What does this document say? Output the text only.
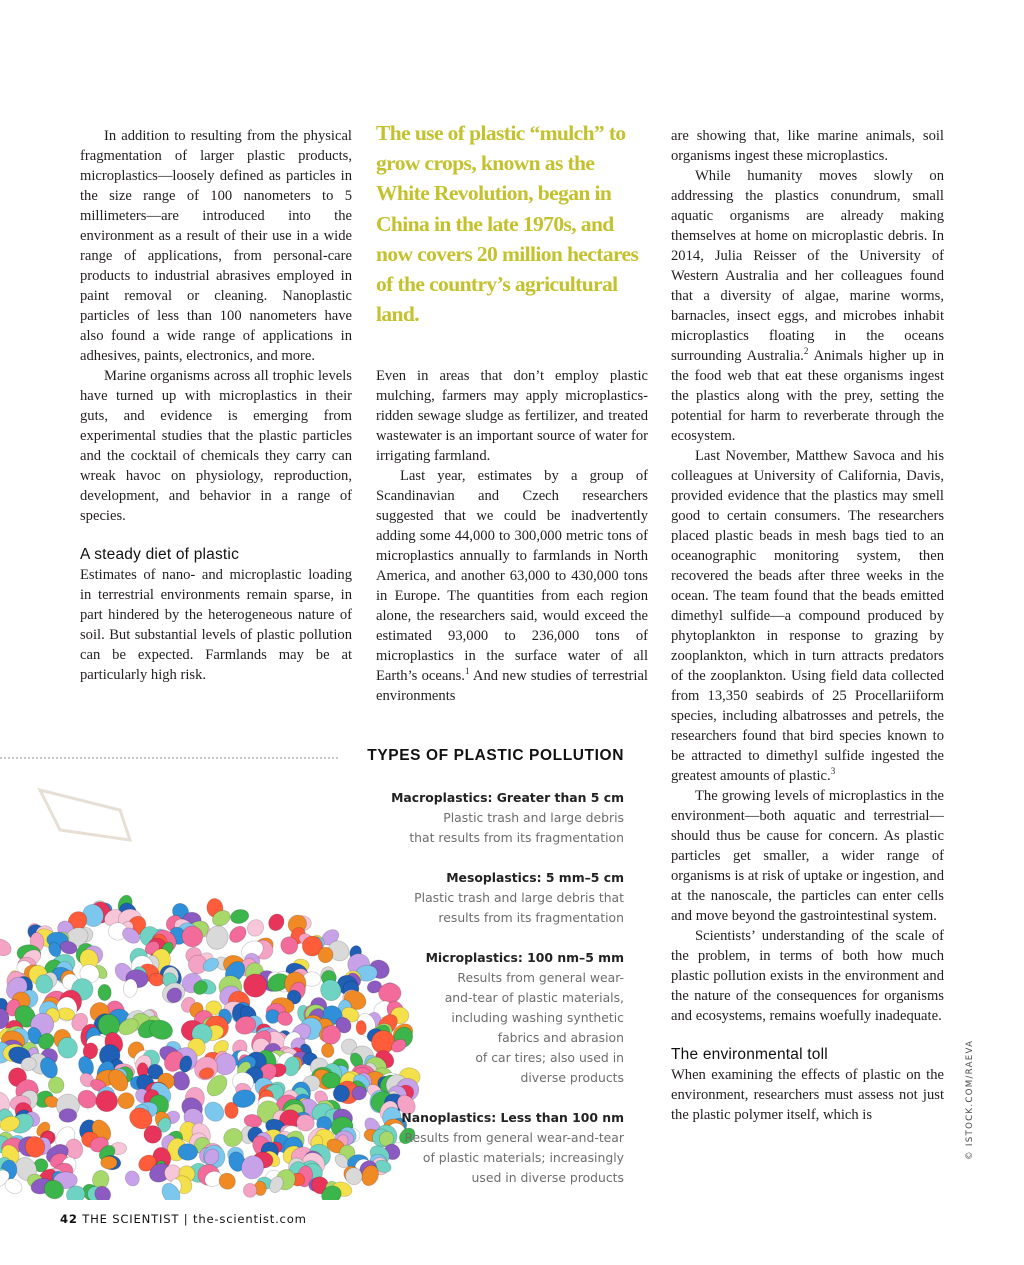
In addition to resulting from the physical fragmentation of larger plastic products, microplastics—loosely defined as particles in the size range of 100 nanometers to 5 millimeters—are introduced into the environment as a result of their use in a wide range of applications, from personal-care products to industrial abrasives employed in paint removal or cleaning. Nanoplastic particles of less than 100 nanometers have also found a wide range of applications in adhesives, paints, electronics, and more.

Marine organisms across all trophic levels have turned up with microplastics in their guts, and evidence is emerging from experimental studies that the plastic particles and the cocktail of chemicals they carry can wreak havoc on physiology, reproduction, development, and behavior in a range of species.

A steady diet of plastic

Estimates of nano- and microplastic loading in terrestrial environments remain sparse, in part hindered by the heterogeneous nature of soil. But substantial levels of plastic pollution can be expected. Farmlands may be at particularly high risk.

The use of plastic “mulch” to grow crops, known as the White Revolution, began in China in the late 1970s, and now covers 20 million hectares of the country’s agricultural land.

Even in areas that don’t employ plastic mulching, farmers may apply microplastics-ridden sewage sludge as fertilizer, and treated wastewater is an important source of water for irrigating farmland.

Last year, estimates by a group of Scandinavian and Czech researchers suggested that we could be inadvertently adding some 44,000 to 300,000 metric tons of microplastics annually to farmlands in North America, and another 63,000 to 430,000 tons in Europe. The quantities from each region alone, the researchers said, would exceed the estimated 93,000 to 236,000 tons of microplastics in the surface water of all Earth’s oceans.$^1$ And new studies of terrestrial environments

are showing that, like marine animals, soil organisms ingest these microplastics.

While humanity moves slowly on addressing the plastics conundrum, small aquatic organisms are already making themselves at home on microplastic debris. In 2014, Julia Reisser of the University of Western Australia and her colleagues found that a diversity of algae, marine worms, barnacles, insect eggs, and microbes inhabit microplastics floating in the oceans surrounding Australia.$^2$ Animals higher up in the food web that eat these organisms ingest the plastics along with the prey, setting the potential for harm to reverberate through the ecosystem.

Last November, Matthew Savoca and his colleagues at University of California, Davis, provided evidence that the plastics may smell good to certain consumers. The researchers placed plastic beads in mesh bags tied to an oceanographic monitoring system, then recovered the beads after three weeks in the ocean. The team found that the beads emitted dimethyl sulfide—a compound produced by phytoplankton in response to grazing by zooplankton, which in turn attracts predators of the zooplankton. Using field data collected from 13,350 seabirds of 25 Procellariiform species, including albatrosses and petrels, the researchers found that bird species known to be attracted to dimethyl sulfide ingested the greatest amounts of plastic.$^3$

The growing levels of microplastics in the environment—both aquatic and terrestrial—should thus be cause for concern. As plastic particles get smaller, a wider range of organisms is at risk of uptake or ingestion, and at the nanoscale, the particles can enter cells and move beyond the gastrointestinal system.

Scientists’ understanding of the scale of the problem, in terms of both how much plastic pollution exists in the environment and the nature of the consequences for organisms and ecosystems, remains woefully inadequate.

The environmental toll

When examining the effects of plastic on the environment, researchers must assess not just the plastic polymer itself, which is

TYPES OF PLASTIC POLLUTION
Macroplastics: Greater than 5 cm
Plastic trash and large debris
that results from its fragmentation
Mesoplastics: 5 mm–5 cm
Plastic trash and large debris that
results from its fragmentation
Microplastics: 100 nm–5 mm
Results from general wear-
and-tear of plastic materials,
including washing synthetic
fabrics and abrasion
of car tires; also used in
diverse products
Nanoplastics: Less than 100 nm
Results from general wear-and-tear
of plastic materials; increasingly
used in diverse products
42 THE SCIENTIST | the-scientist.com
© ISTOCK.COM/RAEVA
